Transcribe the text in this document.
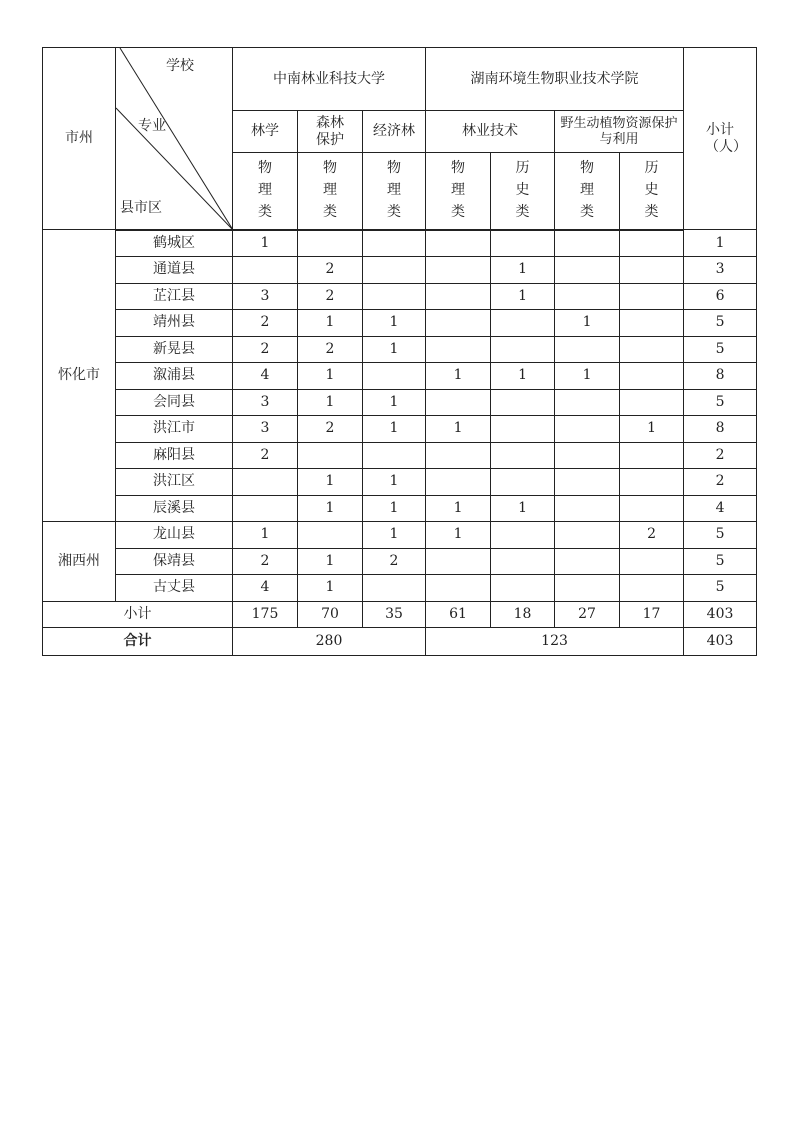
市州	学校
专业
县市区	中南林业科技大学			湖南环境生物职业技术学院				小计（人）
		林学	森林保护	经济林	林业技术		野生动植物资源保护与利用		
		物理类	物理类	物理类	物理类	历史类	物理类	历史类	
怀化市	鹤城区	1							1
	通道县		2			1			3
	芷江县	3	2			1			6
	靖州县	2	1	1			1		5
	新晃县	2	2	1					5
	溆浦县	4	1		1	1	1		8
	会同县	3	1	1					5
	洪江市	3	2	1	1			1	8
	麻阳县	2							2
	洪江区		1	1					2
	辰溪县		1	1	1	1			4
湘西州	龙山县	1		1	1			2	5
	保靖县	2	1	2					5
	古丈县	4	1						5
小计		175	70	35	61	18	27	17	403
合计		280			123				403
